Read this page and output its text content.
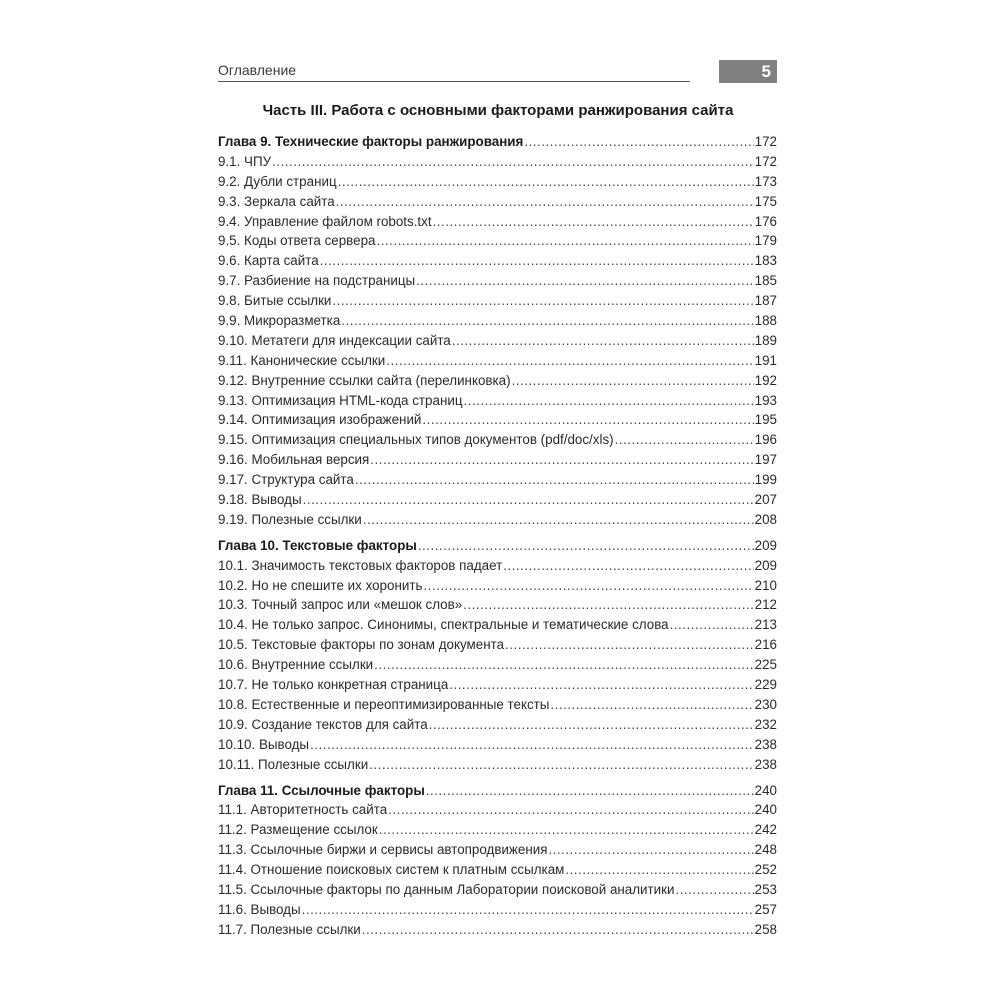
Оглавление	5
Часть III. Работа с основными факторами ранжирования сайта
Глава 9. Технические факторы ранжирования .....	172
9.1. ЧПУ .....	172
9.2. Дубли страниц .....	173
9.3. Зеркала сайта .....	175
9.4. Управление файлом robots.txt .....	176
9.5. Коды ответа сервера .....	179
9.6. Карта сайта .....	183
9.7. Разбиение на подстраницы .....	185
9.8. Битые ссылки .....	187
9.9. Микроразметка .....	188
9.10. Метатеги для индексации сайта .....	189
9.11. Канонические ссылки .....	191
9.12. Внутренние ссылки сайта (перелинковка) .....	192
9.13. Оптимизация HTML-кода страниц .....	193
9.14. Оптимизация изображений .....	195
9.15. Оптимизация специальных типов документов (pdf/doc/xls) .....	196
9.16. Мобильная версия .....	197
9.17. Структура сайта .....	199
9.18. Выводы .....	207
9.19. Полезные ссылки .....	208
Глава 10. Текстовые факторы .....	209
10.1. Значимость текстовых факторов падает .....	209
10.2. Но не спешите их хоронить .....	210
10.3. Точный запрос или «мешок слов» .....	212
10.4. Не только запрос. Синонимы, спектральные и тематические слова .....	213
10.5. Текстовые факторы по зонам документа .....	216
10.6. Внутренние ссылки .....	225
10.7. Не только конкретная страница .....	229
10.8. Естественные и переоптимизированные тексты .....	230
10.9. Создание текстов для сайта .....	232
10.10. Выводы .....	238
10.11. Полезные ссылки .....	238
Глава 11. Ссылочные факторы .....	240
11.1. Авторитетность сайта .....	240
11.2. Размещение ссылок .....	242
11.3. Ссылочные биржи и сервисы автопродвижения .....	248
11.4. Отношение поисковых систем к платным ссылкам .....	252
11.5. Ссылочные факторы по данным Лаборатории поисковой аналитики .....	253
11.6. Выводы .....	257
11.7. Полезные ссылки .....	258
